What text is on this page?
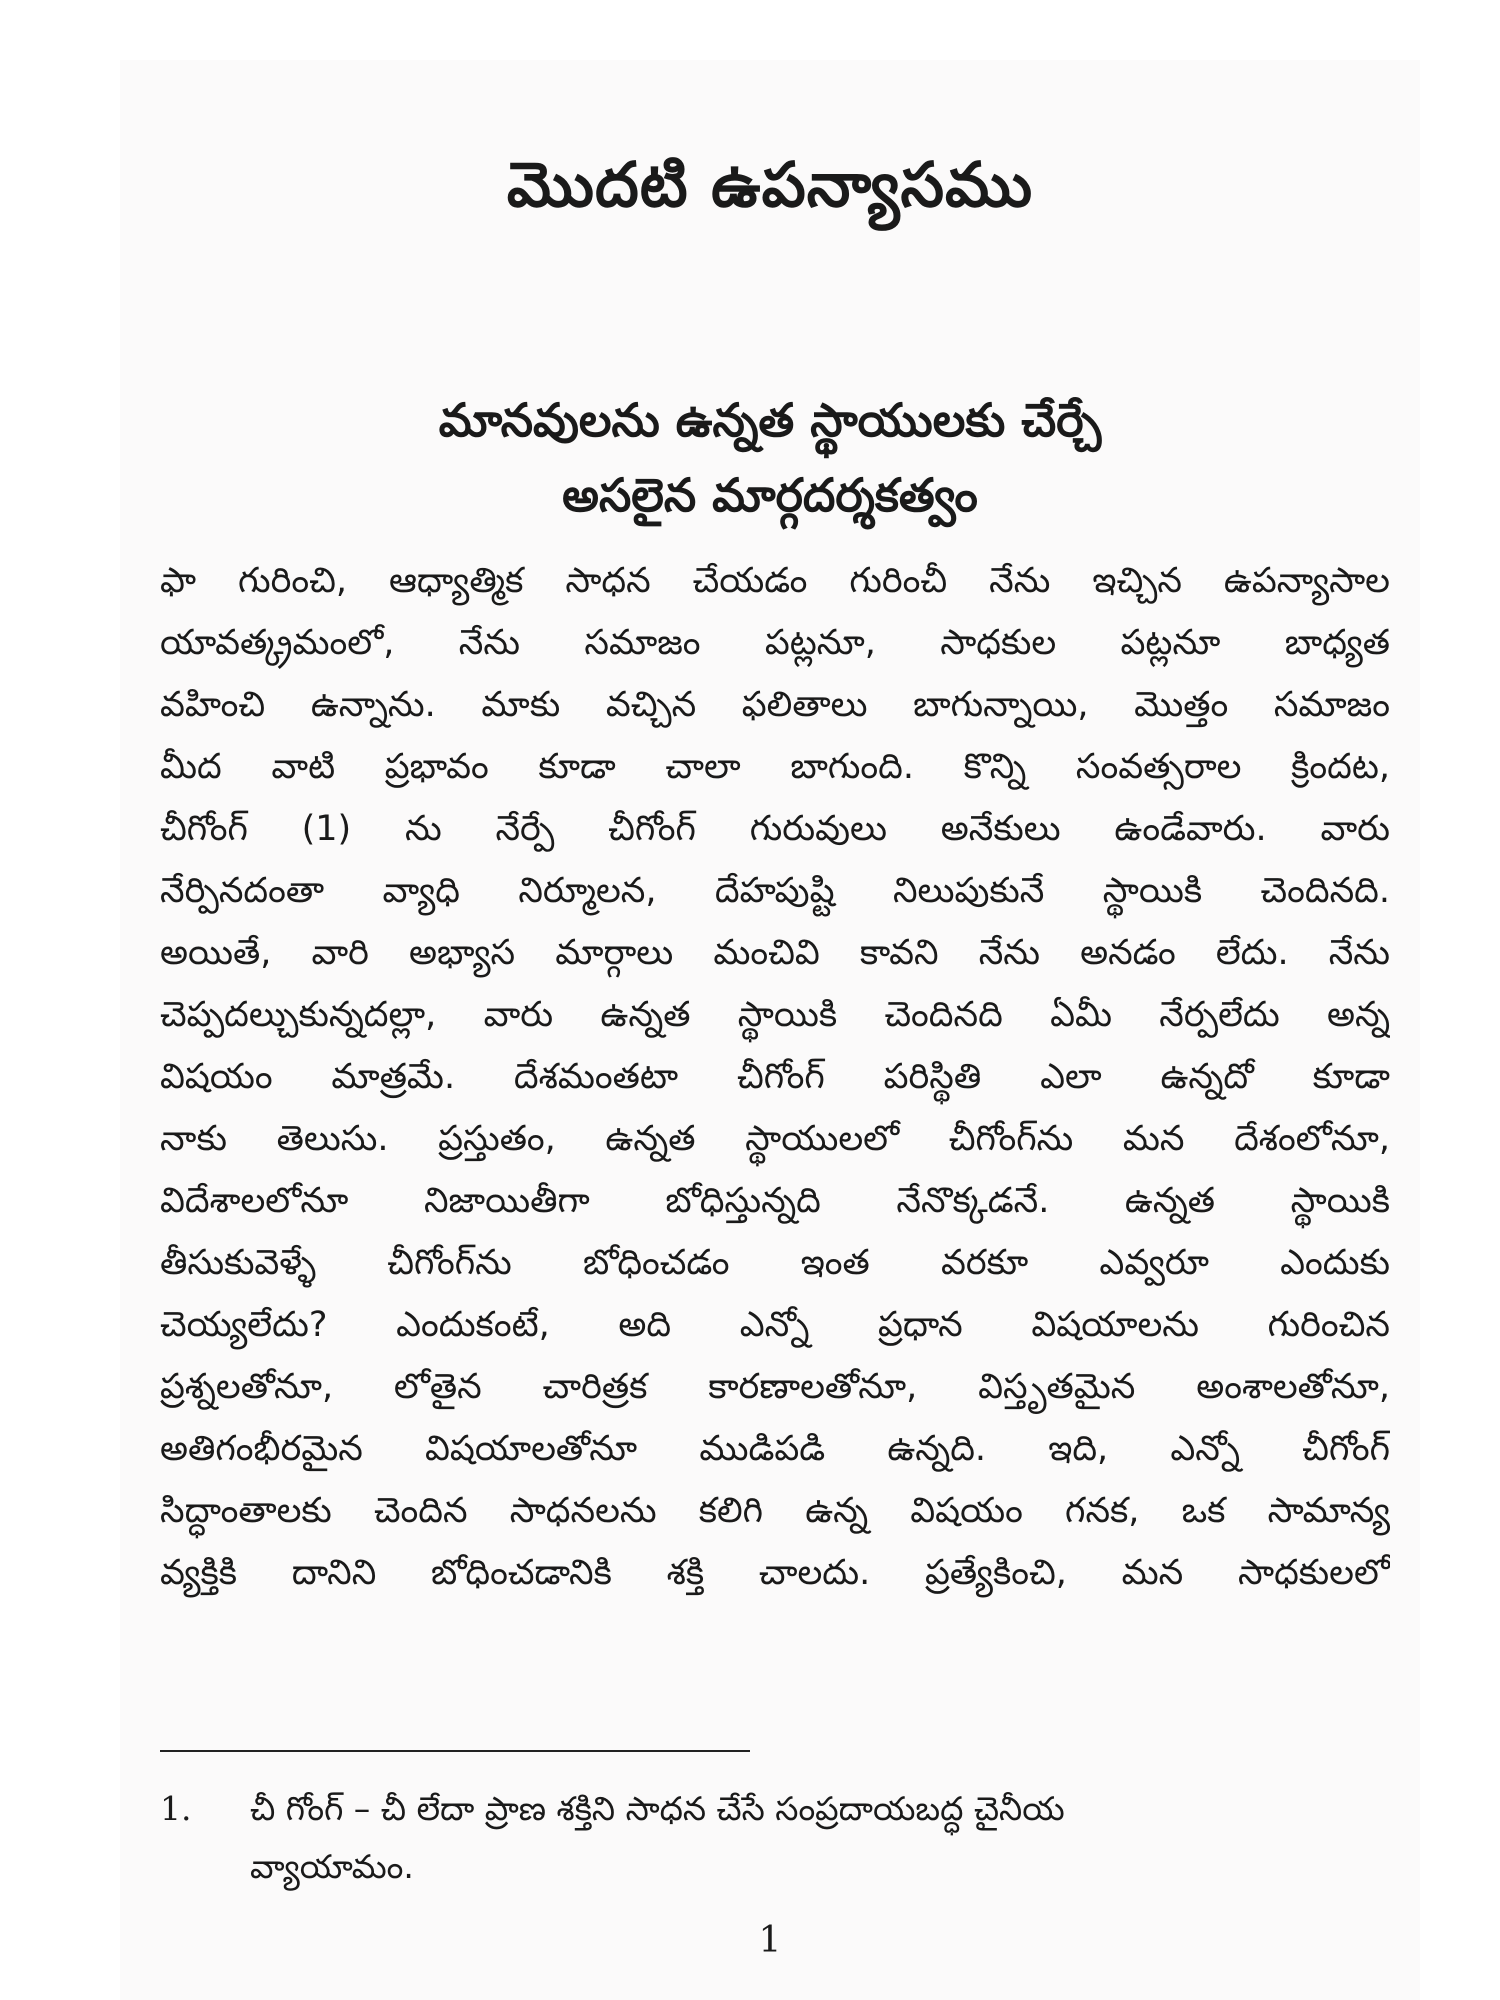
మొదటి ఉపన్యాసము
మానవులను ఉన్నత స్థాయులకు చేర్చే
అసలైన మార్గదర్శకత్వం
ఫా గురించి, ఆధ్యాత్మిక సాధన చేయడం గురించీ నేను ఇచ్చిన ఉపన్యాసాల
యావత్క్రమంలో, నేను సమాజం పట్లనూ, సాధకుల పట్లనూ బాధ్యత
వహించి ఉన్నాను. మాకు వచ్చిన ఫలితాలు బాగున్నాయి, మొత్తం సమాజం
మీద వాటి ప్రభావం కూడా చాలా బాగుంది. కొన్ని సంవత్సరాల క్రిందట,
చీగోంగ్ (1) ను నేర్పే చీగోంగ్ గురువులు అనేకులు ఉండేవారు. వారు
నేర్పినదంతా వ్యాధి నిర్మూలన, దేహపుష్టి నిలుపుకునే స్థాయికి చెందినది.
అయితే, వారి అభ్యాస మార్గాలు మంచివి కావని నేను అనడం లేదు. నేను
చెప్పదల్చుకున్నదల్లా, వారు ఉన్నత స్థాయికి చెందినది ఏమీ నేర్పలేదు అన్న
విషయం మాత్రమే. దేశమంతటా చీగోంగ్ పరిస్థితి ఎలా ఉన్నదో కూడా
నాకు తెలుసు. ప్రస్తుతం, ఉన్నత స్థాయులలో చీగోంగ్‌ను మన దేశంలోనూ,
విదేశాలలోనూ నిజాయితీగా బోధిస్తున్నది నేనొక్కడనే. ఉన్నత స్థాయికి
తీసుకువెళ్ళే చీగోంగ్‌ను బోధించడం ఇంత వరకూ ఎవ్వరూ ఎందుకు
చెయ్యలేదు? ఎందుకంటే, అది ఎన్నో ప్రధాన విషయాలను గురించిన
ప్రశ్నలతోనూ, లోతైన చారిత్రక కారణాలతోనూ, విస్తృతమైన అంశాలతోనూ,
అతిగంభీరమైన విషయాలతోనూ ముడిపడి ఉన్నది. ఇది, ఎన్నో చీగోంగ్
సిద్ధాంతాలకు చెందిన సాధనలను కలిగి ఉన్న విషయం గనక, ఒక సామాన్య
వ్యక్తికి దానిని బోధించడానికి శక్తి చాలదు. ప్రత్యేకించి, మన సాధకులలో
1. చీ గోంగ్ – చీ లేదా ప్రాణ శక్తిని సాధన చేసే సంప్రదాయబద్ధ చైనీయ
వ్యాయామం.
1
